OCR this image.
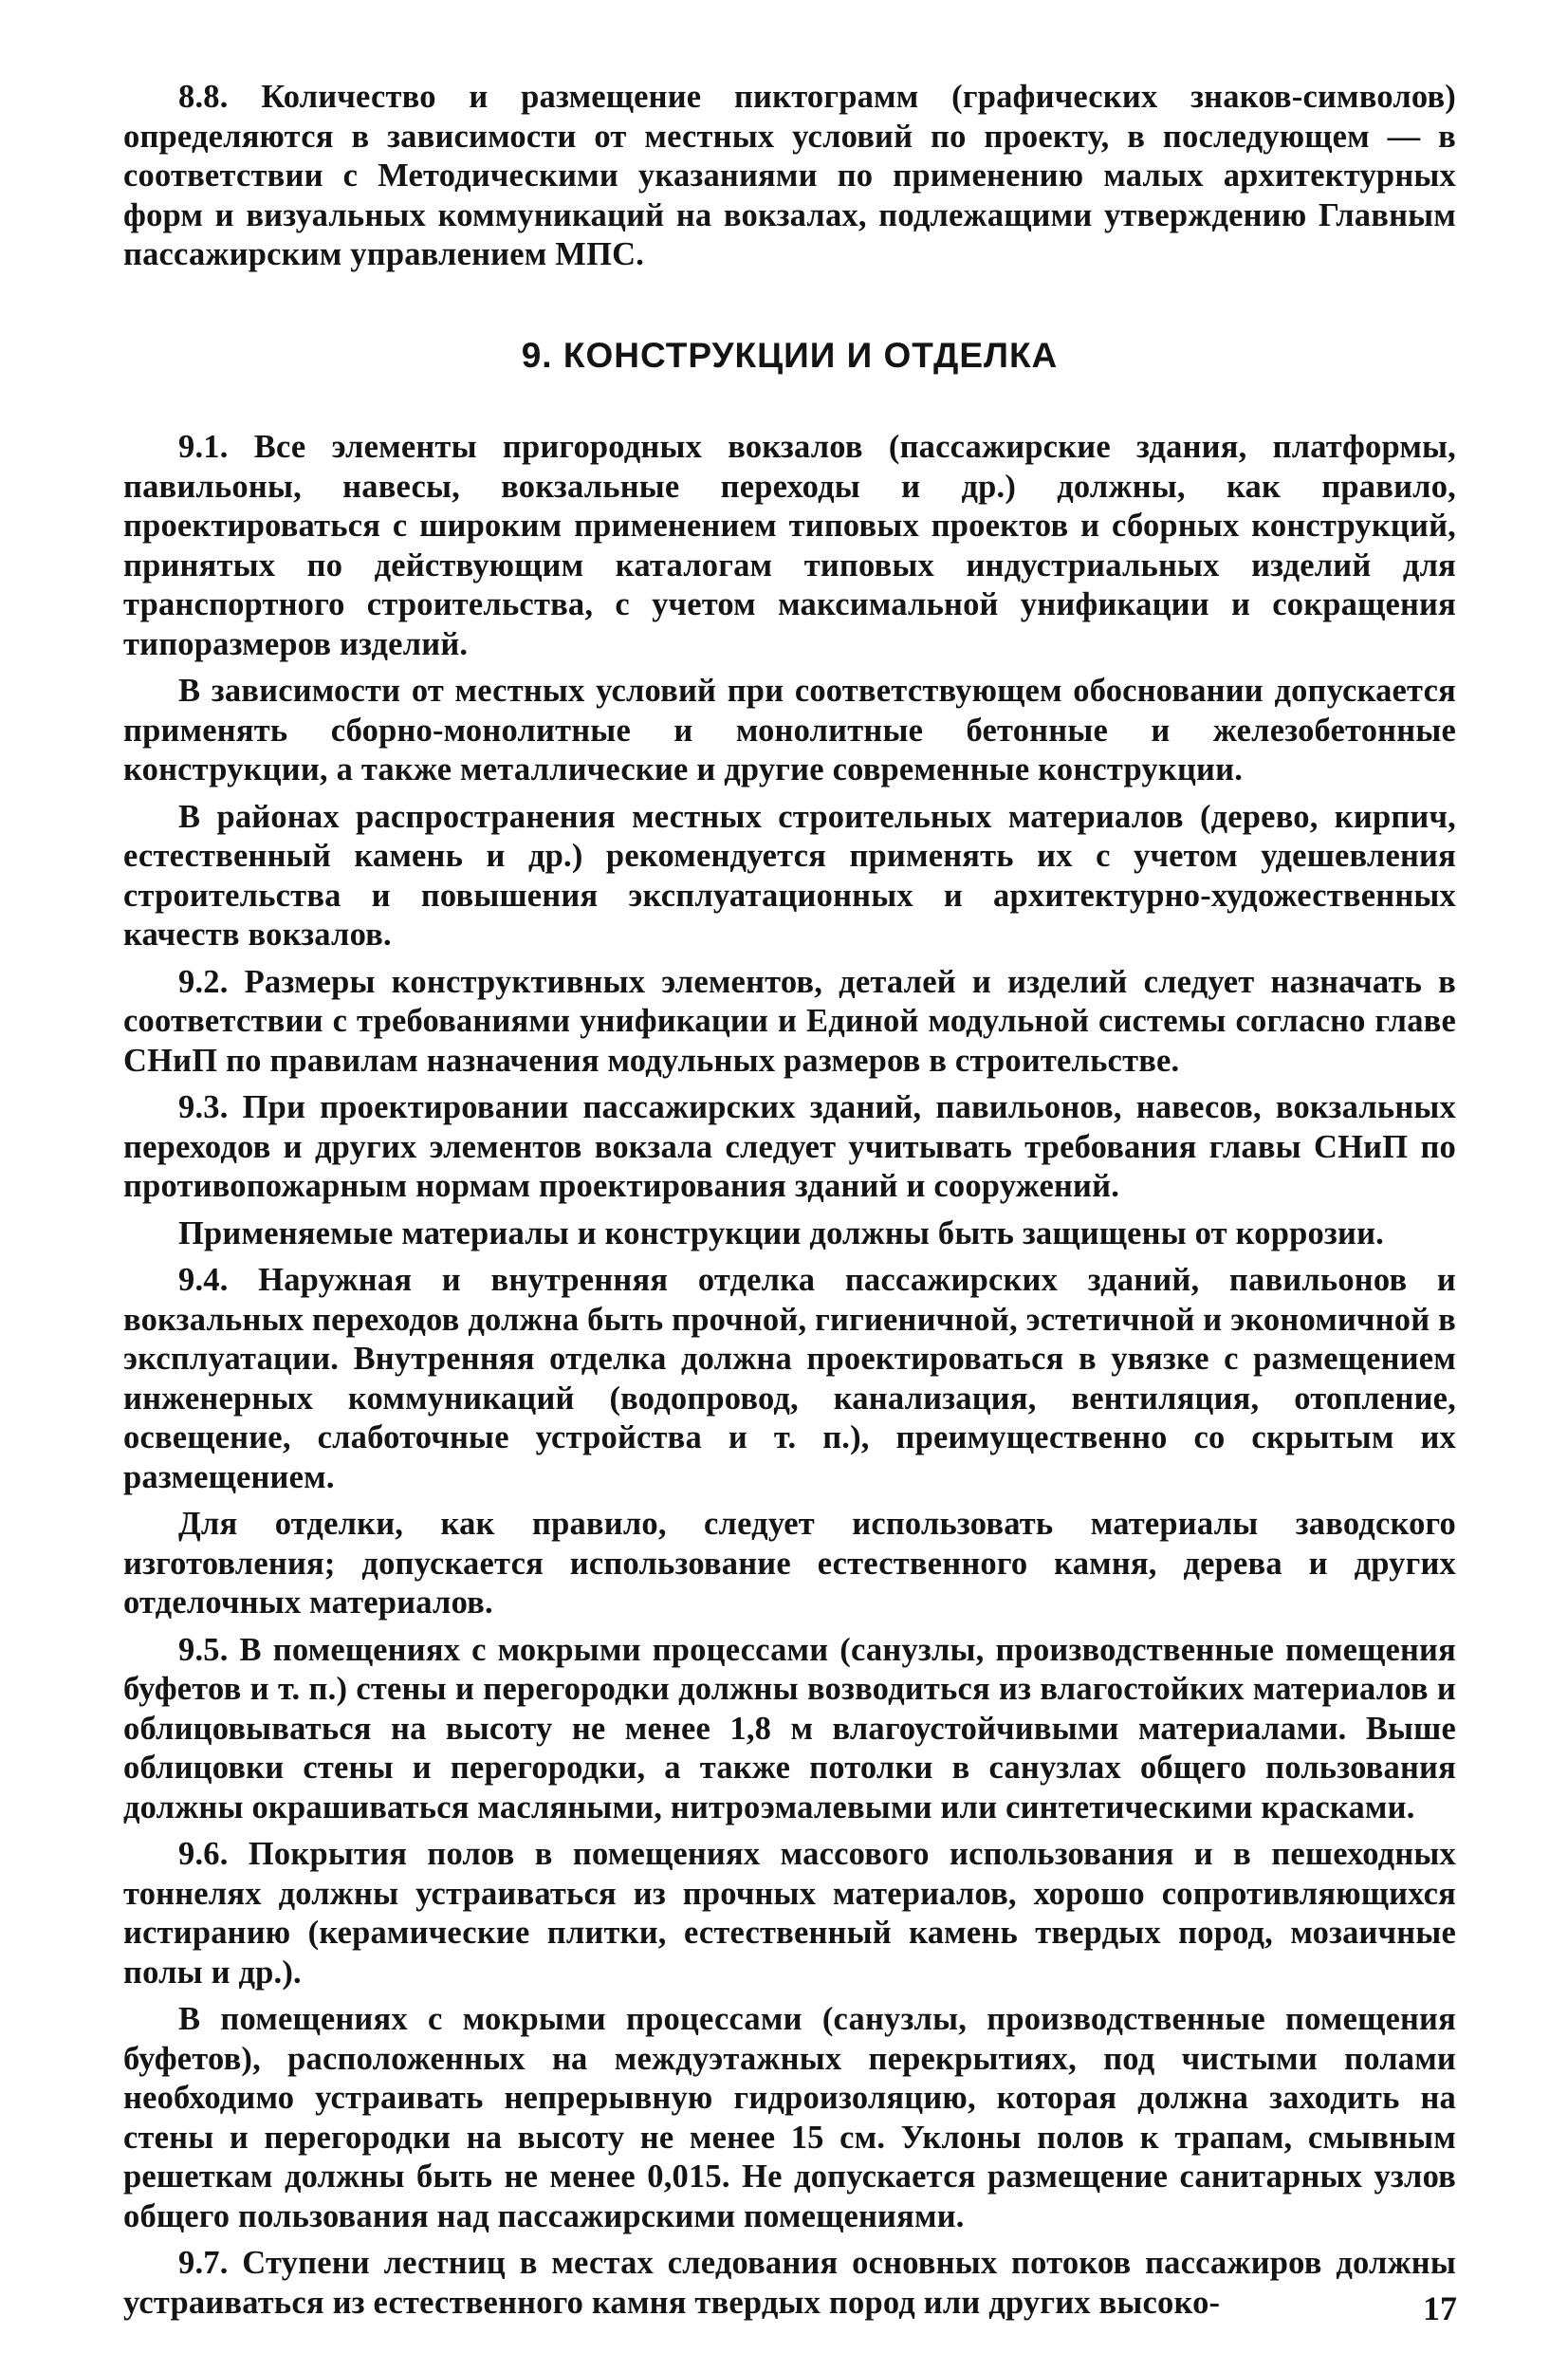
8.8. Количество и размещение пиктограмм (графических знаков-символов) определяются в зависимости от местных условий по проекту, в последующем — в соответствии с Методическими указаниями по применению малых архитектурных форм и визуальных коммуникаций на вокзалах, подлежащими утверждению Главным пассажирским управлением МПС.

9. КОНСТРУКЦИИ И ОТДЕЛКА

9.1. Все элементы пригородных вокзалов (пассажирские здания, платформы, павильоны, навесы, вокзальные переходы и др.) должны, как правило, проектироваться с широким применением типовых проектов и сборных конструкций, принятых по действующим каталогам типовых индустриальных изделий для транспортного строительства, с учетом максимальной унификации и сокращения типоразмеров изделий.

В зависимости от местных условий при соответствующем обосновании допускается применять сборно-монолитные и монолитные бетонные и железобетонные конструкции, а также металлические и другие современные конструкции.

В районах распространения местных строительных материалов (дерево, кирпич, естественный камень и др.) рекомендуется применять их с учетом удешевления строительства и повышения эксплуатационных и архитектурно-художественных качеств вокзалов.

9.2. Размеры конструктивных элементов, деталей и изделий следует назначать в соответствии с требованиями унификации и Единой модульной системы согласно главе СНиП по правилам назначения модульных размеров в строительстве.

9.3. При проектировании пассажирских зданий, павильонов, навесов, вокзальных переходов и других элементов вокзала следует учитывать требования главы СНиП по противопожарным нормам проектирования зданий и сооружений.

Применяемые материалы и конструкции должны быть защищены от коррозии.

9.4. Наружная и внутренняя отделка пассажирских зданий, павильонов и вокзальных переходов должна быть прочной, гигиеничной, эстетичной и экономичной в эксплуатации. Внутренняя отделка должна проектироваться в увязке с размещением инженерных коммуникаций (водопровод, канализация, вентиляция, отопление, освещение, слаботочные устройства и т. п.), преимущественно со скрытым их размещением.

Для отделки, как правило, следует использовать материалы заводского изготовления; допускается использование естественного камня, дерева и других отделочных материалов.

9.5. В помещениях с мокрыми процессами (санузлы, производственные помещения буфетов и т. п.) стены и перегородки должны возводиться из влагостойких материалов и облицовываться на высоту не менее 1,8 м влагоустойчивыми материалами. Выше облицовки стены и перегородки, а также потолки в санузлах общего пользования должны окрашиваться масляными, нитроэмалевыми или синтетическими красками.

9.6. Покрытия полов в помещениях массового использования и в пешеходных тоннелях должны устраиваться из прочных материалов, хорошо сопротивляющихся истиранию (керамические плитки, естественный камень твердых пород, мозаичные полы и др.).

В помещениях с мокрыми процессами (санузлы, производственные помещения буфетов), расположенных на междуэтажных перекрытиях, под чистыми полами необходимо устраивать непрерывную гидроизоляцию, которая должна заходить на стены и перегородки на высоту не менее 15 см. Уклоны полов к трапам, смывным решеткам должны быть не менее 0,015. Не допускается размещение санитарных узлов общего пользования над пассажирскими помещениями.

9.7. Ступени лестниц в местах следования основных потоков пассажиров должны устраиваться из естественного камня твердых пород или других высоко-	17
